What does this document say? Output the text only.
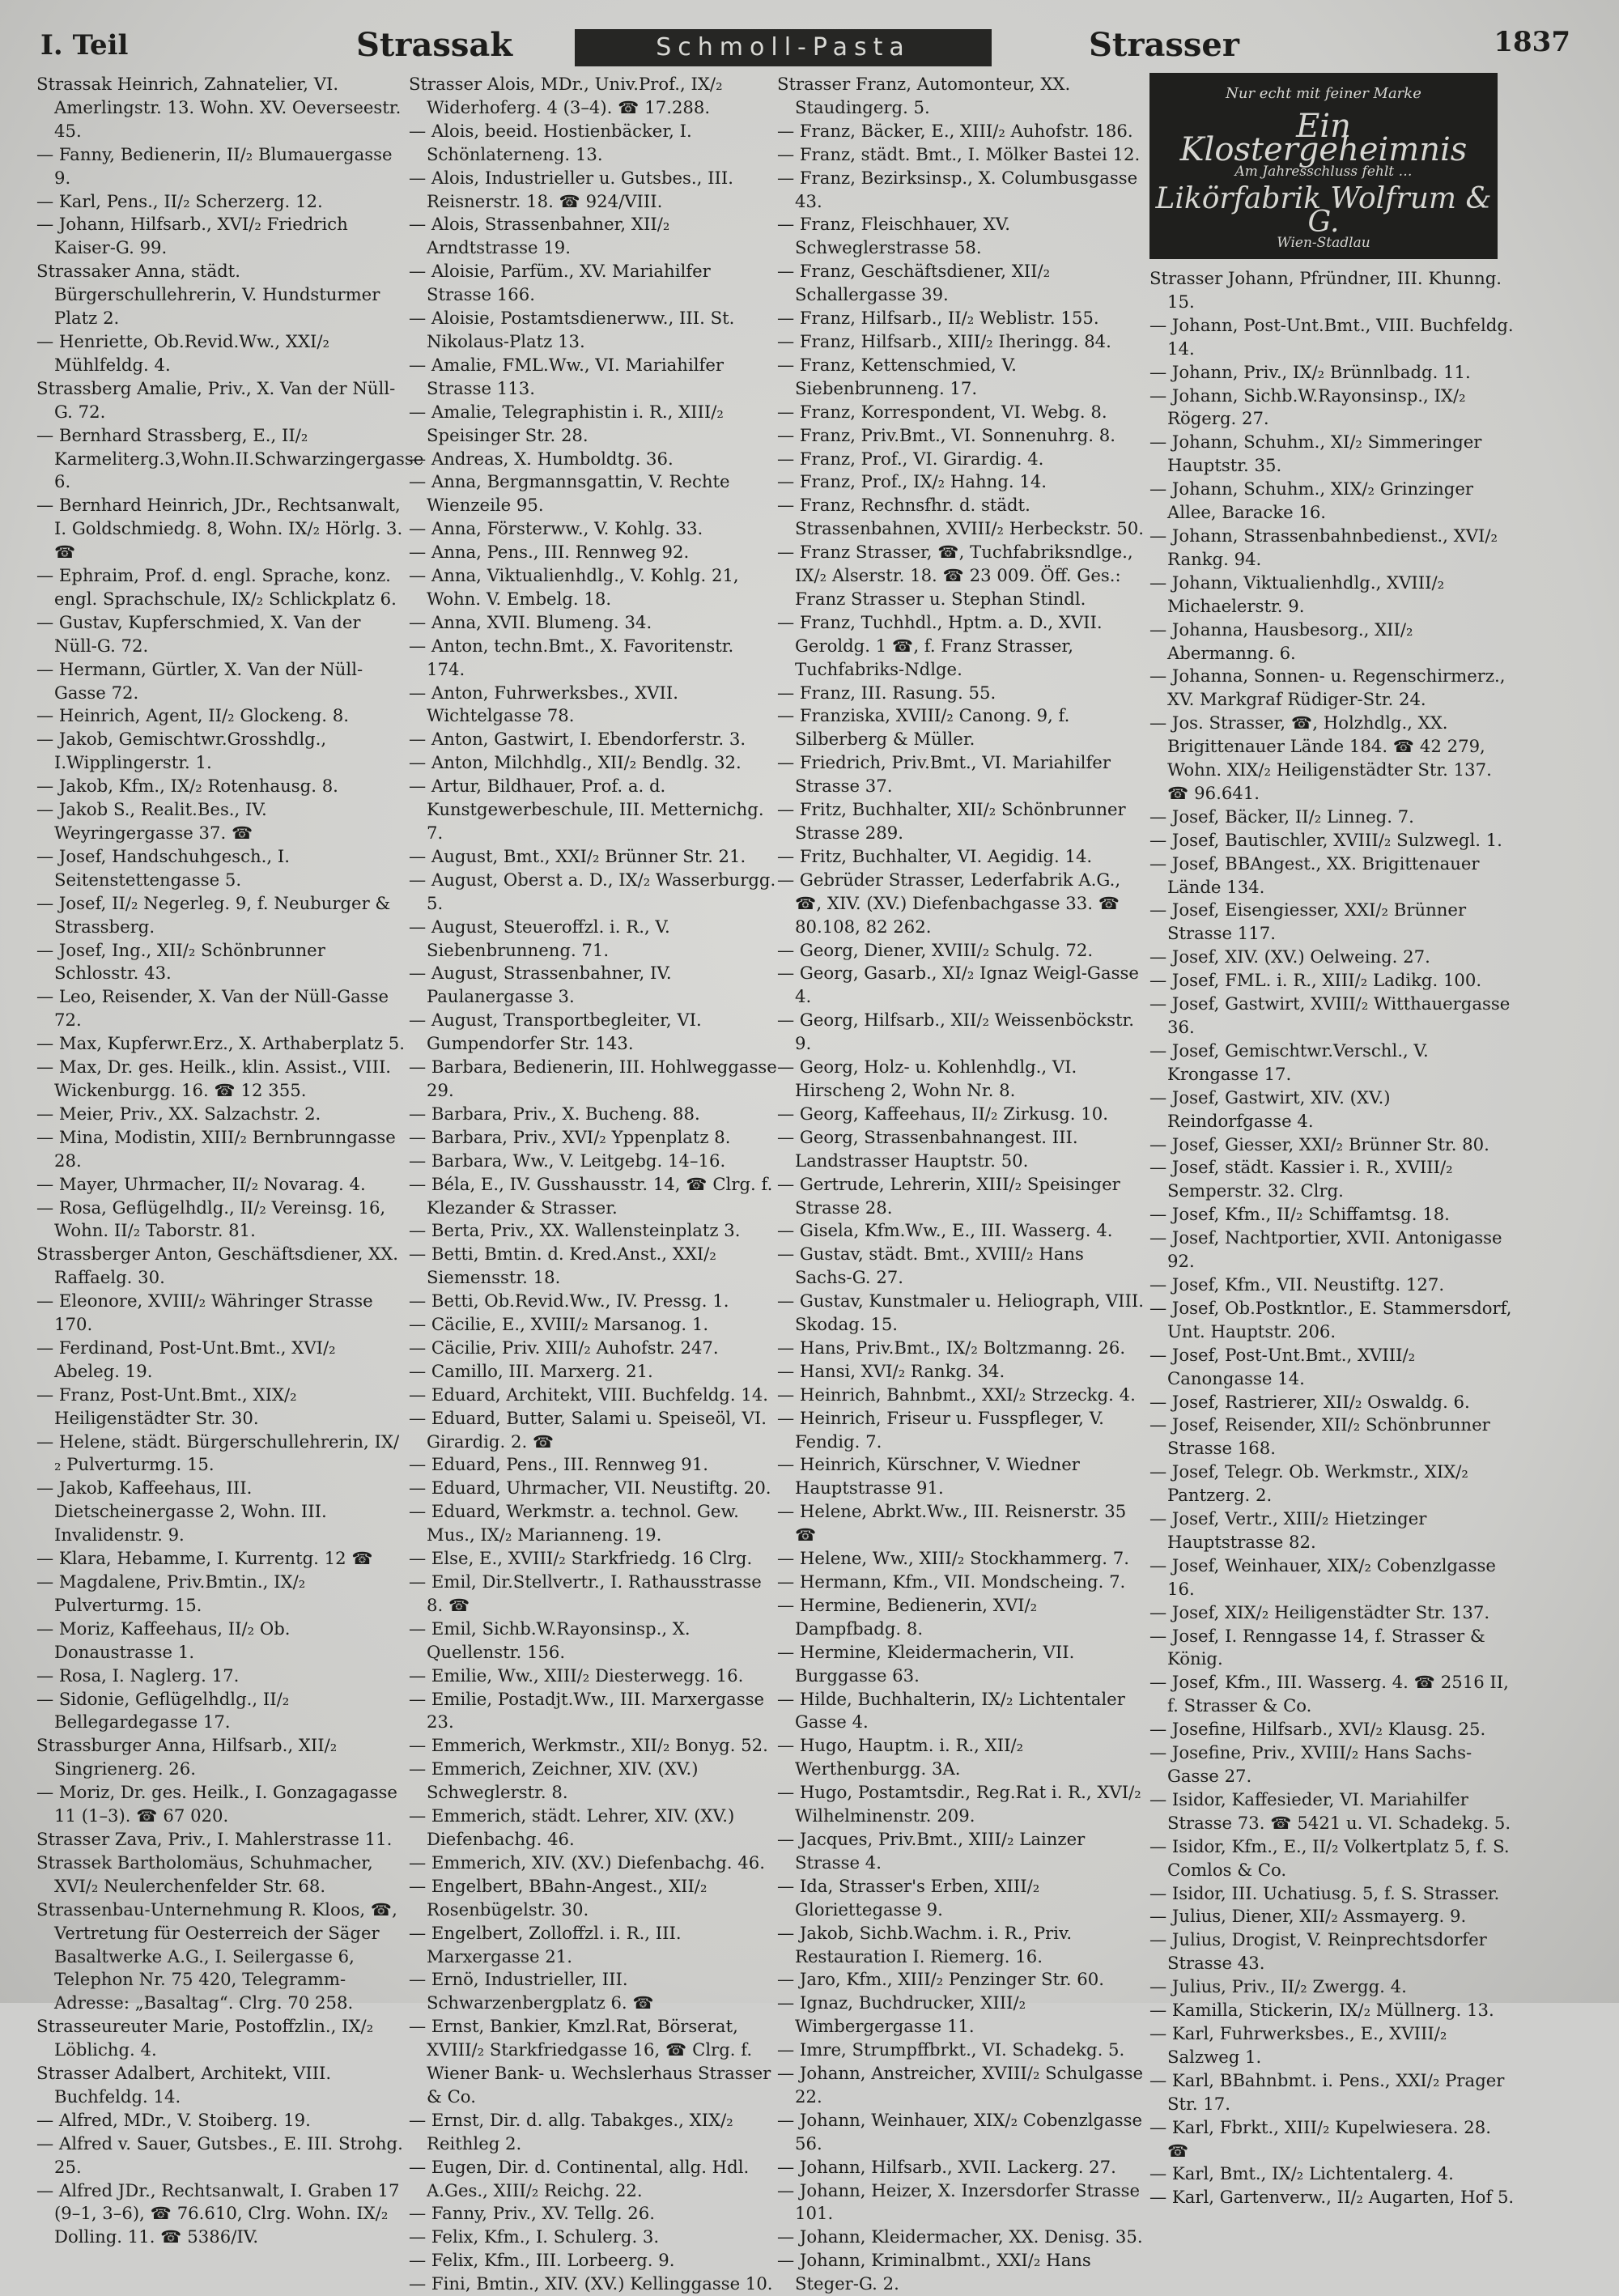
I. Teil	Strassak	Schmoll-Pasta	Strasser	1837
Strassak Heinrich, Zahnatelier, VI. Amerlingstr. 13. Wohn. XV. Oeverseestr. 45.
— Fanny, Bedienerin, II/₂ Blumauergasse 9.
— Karl, Pens., II/₂ Scherzerg. 12.
— Johann, Hilfsarb., XVI/₂ Friedrich Kaiser-G. 99.
Strassaker Anna, städt. Bürgerschullehrerin, V. Hundsturmer Platz 2.
— Henriette, Ob.Revid.Ww., XXI/₂ Mühlfeldg. 4.
Strassberg Amalie, Priv., X. Van der Nüll-G. 72.
— Bernhard Strassberg, E., II/₂ Karmeliterg.3,Wohn.II.Schwarzingergasse 6.
— Bernhard Heinrich, JDr., Rechtsanwalt, I. Goldschmiedg. 8, Wohn. IX/₂ Hörlg. 3. ☎
— Ephraim, Prof. d. engl. Sprache, konz. engl. Sprachschule, IX/₂ Schlickplatz 6.
— Gustav, Kupferschmied, X. Van der Nüll-G. 72.
— Hermann, Gürtler, X. Van der Nüll-Gasse 72.
— Heinrich, Agent, II/₂ Glockeng. 8.
— Jakob, Gemischtwr.Grosshdlg., I.Wipplingerstr. 1.
— Jakob, Kfm., IX/₂ Rotenhausg. 8.
— Jakob S., Realit.Bes., IV. Weyringergasse 37. ☎
— Josef, Handschuhgesch., I. Seitenstettengasse 5.
— Josef, II/₂ Negerleg. 9, f. Neuburger & Strassberg.
— Josef, Ing., XII/₂ Schönbrunner Schlosstr. 43.
— Leo, Reisender, X. Van der Nüll-Gasse 72.
— Max, Kupferwr.Erz., X. Arthaberplatz 5.
— Max, Dr. ges. Heilk., klin. Assist., VIII. Wickenburgg. 16. ☎ 12 355.
— Meier, Priv., XX. Salzachstr. 2.
— Mina, Modistin, XIII/₂ Bernbrunngasse 28.
— Mayer, Uhrmacher, II/₂ Novarag. 4.
— Rosa, Geflügelhdlg., II/₂ Vereinsg. 16, Wohn. II/₂ Taborstr. 81.
Strassberger Anton, Geschäftsdiener, XX. Raffaelg. 30.
— Eleonore, XVIII/₂ Währinger Strasse 170.
— Ferdinand, Post-Unt.Bmt., XVI/₂ Abeleg. 19.
— Franz, Post-Unt.Bmt., XIX/₂ Heiligenstädter Str. 30.
— Helene, städt. Bürgerschullehrerin, IX/₂ Pulverturmg. 15.
— Jakob, Kaffeehaus, III. Dietscheinergasse 2, Wohn. III. Invalidenstr. 9.
— Klara, Hebamme, I. Kurrentg. 12 ☎
— Magdalene, Priv.Bmtin., IX/₂ Pulverturmg. 15.
— Moriz, Kaffeehaus, II/₂ Ob. Donaustrasse 1.
— Rosa, I. Naglerg. 17.
— Sidonie, Geflügelhdlg., II/₂ Bellegardegasse 17.
Strassburger Anna, Hilfsarb., XII/₂ Singrienerg. 26.
— Moriz, Dr. ges. Heilk., I. Gonzagagasse 11 (1–3). ☎ 67 020.
Strasser Zava, Priv., I. Mahlerstrasse 11.
Strassek Bartholomäus, Schuhmacher, XVI/₂ Neulerchenfelder Str. 68.
Strassenbau-Unternehmung R. Kloos, ☎, Vertretung für Oesterreich der Säger Basaltwerke A.G., I. Seilergasse 6, Telephon Nr. 75 420, Telegramm-Adresse: „Basaltag“. Clrg. 70 258.
Strasseureuter Marie, Postoffzlin., IX/₂ Löblichg. 4.
Strasser Adalbert, Architekt, VIII. Buchfeldg. 14.
— Alfred, MDr., V. Stoiberg. 19.
— Alfred v. Sauer, Gutsbes., E. III. Strohg. 25.
— Alfred JDr., Rechtsanwalt, I. Graben 17 (9–1, 3–6), ☎ 76.610, Clrg. Wohn. IX/₂ Dolling. 11. ☎ 5386/IV.
Strasser Alois, MDr., Univ.Prof., IX/₂ Widerhoferg. 4 (3–4). ☎ 17.288.
— Alois, beeid. Hostienbäcker, I. Schönlaterneng. 13.
— Alois, Industrieller u. Gutsbes., III. Reisnerstr. 18. ☎ 924/VIII.
— Alois, Strassenbahner, XII/₂ Arndtstrasse 19.
— Aloisie, Parfüm., XV. Mariahilfer Strasse 166.
— Aloisie, Postamtsdienerww., III. St. Nikolaus-Platz 13.
— Amalie, FML.Ww., VI. Mariahilfer Strasse 113.
— Amalie, Telegraphistin i. R., XIII/₂ Speisinger Str. 28.
— Andreas, X. Humboldtg. 36.
— Anna, Bergmannsgattin, V. Rechte Wienzeile 95.
— Anna, Försterww., V. Kohlg. 33.
— Anna, Pens., III. Rennweg 92.
— Anna, Viktualienhdlg., V. Kohlg. 21, Wohn. V. Embelg. 18.
— Anna, XVII. Blumeng. 34.
— Anton, techn.Bmt., X. Favoritenstr. 174.
— Anton, Fuhrwerksbes., XVII. Wichtelgasse 78.
— Anton, Gastwirt, I. Ebendorferstr. 3.
— Anton, Milchhdlg., XII/₂ Bendlg. 32.
— Artur, Bildhauer, Prof. a. d. Kunstgewerbeschule, III. Metternichg. 7.
— August, Bmt., XXI/₂ Brünner Str. 21.
— August, Oberst a. D., IX/₂ Wasserburgg. 5.
— August, Steueroffzl. i. R., V. Siebenbrunneng. 71.
— August, Strassenbahner, IV. Paulanergasse 3.
— August, Transportbegleiter, VI. Gumpendorfer Str. 143.
— Barbara, Bedienerin, III. Hohlweggasse 29.
— Barbara, Priv., X. Bucheng. 88.
— Barbara, Priv., XVI/₂ Yppenplatz 8.
— Barbara, Ww., V. Leitgebg. 14–16.
— Béla, E., IV. Gusshausstr. 14, ☎ Clrg. f. Klezander & Strasser.
— Berta, Priv., XX. Wallensteinplatz 3.
— Betti, Bmtin. d. Kred.Anst., XXI/₂ Siemensstr. 18.
— Betti, Ob.Revid.Ww., IV. Pressg. 1.
— Cäcilie, E., XVIII/₂ Marsanog. 1.
— Cäcilie, Priv. XIII/₂ Auhofstr. 247.
— Camillo, III. Marxerg. 21.
— Eduard, Architekt, VIII. Buchfeldg. 14.
— Eduard, Butter, Salami u. Speiseöl, VI. Girardig. 2. ☎
— Eduard, Pens., III. Rennweg 91.
— Eduard, Uhrmacher, VII. Neustiftg. 20.
— Eduard, Werkmstr. a. technol. Gew. Mus., IX/₂ Marianneng. 19.
— Else, E., XVIII/₂ Starkfriedg. 16 Clrg.
— Emil, Dir.Stellvertr., I. Rathausstrasse 8. ☎
— Emil, Sichb.W.Rayonsinsp., X. Quellenstr. 156.
— Emilie, Ww., XIII/₂ Diesterwegg. 16.
— Emilie, Postadjt.Ww., III. Marxergasse 23.
— Emmerich, Werkmstr., XII/₂ Bonyg. 52.
— Emmerich, Zeichner, XIV. (XV.) Schweglerstr. 8.
— Emmerich, städt. Lehrer, XIV. (XV.) Diefenbachg. 46.
— Emmerich, XIV. (XV.) Diefenbachg. 46.
— Engelbert, BBahn-Angest., XII/₂ Rosenbügelstr. 30.
— Engelbert, Zolloffzl. i. R., III. Marxergasse 21.
— Ernö, Industrieller, III. Schwarzenbergplatz 6. ☎
— Ernst, Bankier, Kmzl.Rat, Börserat, XVIII/₂ Starkfriedgasse 16, ☎ Clrg. f. Wiener Bank- u. Wechslerhaus Strasser & Co.
— Ernst, Dir. d. allg. Tabakges., XIX/₂ Reithleg 2.
— Eugen, Dir. d. Continental, allg. Hdl. A.Ges., XIII/₂ Reichg. 22.
— Fanny, Priv., XV. Tellg. 26.
— Felix, Kfm., I. Schulerg. 3.
— Felix, Kfm., III. Lorbeerg. 9.
— Fini, Bmtin., XIV. (XV.) Kellinggasse 10.
Strasser Franz, Automonteur, XX. Staudingerg. 5.
— Franz, Bäcker, E., XIII/₂ Auhofstr. 186.
— Franz, städt. Bmt., I. Mölker Bastei 12.
— Franz, Bezirksinsp., X. Columbusgasse 43.
— Franz, Fleischhauer, XV. Schweglerstrasse 58.
— Franz, Geschäftsdiener, XII/₂ Schallergasse 39.
— Franz, Hilfsarb., II/₂ Weblistr. 155.
— Franz, Hilfsarb., XIII/₂ Iheringg. 84.
— Franz, Kettenschmied, V. Siebenbrunneng. 17.
— Franz, Korrespondent, VI. Webg. 8.
— Franz, Priv.Bmt., VI. Sonnenuhrg. 8.
— Franz, Prof., VI. Girardig. 4.
— Franz, Prof., IX/₂ Hahng. 14.
— Franz, Rechnsfhr. d. städt. Strassenbahnen, XVIII/₂ Herbeckstr. 50.
— Franz Strasser, ☎, Tuchfabriksndlge., IX/₂ Alserstr. 18. ☎ 23 009. Öff. Ges.: Franz Strasser u. Stephan Stindl.
— Franz, Tuchhdl., Hptm. a. D., XVII. Geroldg. 1 ☎, f. Franz Strasser, Tuchfabriks-Ndlge.
— Franz, III. Rasung. 55.
— Franziska, XVIII/₂ Canong. 9, f. Silberberg & Müller.
— Friedrich, Priv.Bmt., VI. Mariahilfer Strasse 37.
— Fritz, Buchhalter, XII/₂ Schönbrunner Strasse 289.
— Fritz, Buchhalter, VI. Aegidig. 14.
— Gebrüder Strasser, Lederfabrik A.G., ☎, XIV. (XV.) Diefenbachgasse 33. ☎ 80.108, 82 262.
— Georg, Diener, XVIII/₂ Schulg. 72.
— Georg, Gasarb., XI/₂ Ignaz Weigl-Gasse 4.
— Georg, Hilfsarb., XII/₂ Weissenböckstr. 9.
— Georg, Holz- u. Kohlenhdlg., VI. Hirscheng 2, Wohn Nr. 8.
— Georg, Kaffeehaus, II/₂ Zirkusg. 10.
— Georg, Strassenbahnangest. III. Landstrasser Hauptstr. 50.
— Gertrude, Lehrerin, XIII/₂ Speisinger Strasse 28.
— Gisela, Kfm.Ww., E., III. Wasserg. 4.
— Gustav, städt. Bmt., XVIII/₂ Hans Sachs-G. 27.
— Gustav, Kunstmaler u. Heliograph, VIII. Skodag. 15.
— Hans, Priv.Bmt., IX/₂ Boltzmanng. 26.
— Hansi, XVI/₂ Rankg. 34.
— Heinrich, Bahnbmt., XXI/₂ Strzeckg. 4.
— Heinrich, Friseur u. Fusspfleger, V. Fendig. 7.
— Heinrich, Kürschner, V. Wiedner Hauptstrasse 91.
— Helene, Abrkt.Ww., III. Reisnerstr. 35 ☎
— Helene, Ww., XIII/₂ Stockhammerg. 7.
— Hermann, Kfm., VII. Mondscheing. 7.
— Hermine, Bedienerin, XVI/₂ Dampfbadg. 8.
— Hermine, Kleidermacherin, VII. Burggasse 63.
— Hilde, Buchhalterin, IX/₂ Lichtentaler Gasse 4.
— Hugo, Hauptm. i. R., XII/₂ Werthenburgg. 3A.
— Hugo, Postamtsdir., Reg.Rat i. R., XVI/₂ Wilhelminenstr. 209.
— Jacques, Priv.Bmt., XIII/₂ Lainzer Strasse 4.
— Ida, Strasser's Erben, XIII/₂ Gloriettegasse 9.
— Jakob, Sichb.Wachm. i. R., Priv. Restauration I. Riemerg. 16.
— Jaro, Kfm., XIII/₂ Penzinger Str. 60.
— Ignaz, Buchdrucker, XIII/₂ Wimbergergasse 11.
— Imre, Strumpffbrkt., VI. Schadekg. 5.
— Johann, Anstreicher, XVIII/₂ Schulgasse 22.
— Johann, Weinhauer, XIX/₂ Cobenzlgasse 56.
— Johann, Hilfsarb., XVII. Lackerg. 27.
— Johann, Heizer, X. Inzersdorfer Strasse 101.
— Johann, Kleidermacher, XX. Denisg. 35.
— Johann, Kriminalbmt., XXI/₂ Hans Steger-G. 2.
Nur echt mit feiner Marke
Ein Klostergeheimnis
Am Jahresschluss fehlt …
Likörfabrik Wolfrum & G.
Wien-Stadlau
Strasser Johann, Pfründner, III. Khunng. 15.
— Johann, Post-Unt.Bmt., VIII. Buchfeldg. 14.
— Johann, Priv., IX/₂ Brünnlbadg. 11.
— Johann, Sichb.W.Rayonsinsp., IX/₂ Rögerg. 27.
— Johann, Schuhm., XI/₂ Simmeringer Hauptstr. 35.
— Johann, Schuhm., XIX/₂ Grinzinger Allee, Baracke 16.
— Johann, Strassenbahnbedienst., XVI/₂ Rankg. 94.
— Johann, Viktualienhdlg., XVIII/₂ Michaelerstr. 9.
— Johanna, Hausbesorg., XII/₂ Abermanng. 6.
— Johanna, Sonnen- u. Regenschirmerz., XV. Markgraf Rüdiger-Str. 24.
— Jos. Strasser, ☎, Holzhdlg., XX. Brigittenauer Lände 184. ☎ 42 279, Wohn. XIX/₂ Heiligenstädter Str. 137. ☎ 96.641.
— Josef, Bäcker, II/₂ Linneg. 7.
— Josef, Bautischler, XVIII/₂ Sulzwegl. 1.
— Josef, BBAngest., XX. Brigittenauer Lände 134.
— Josef, Eisengiesser, XXI/₂ Brünner Strasse 117.
— Josef, XIV. (XV.) Oelweing. 27.
— Josef, FML. i. R., XIII/₂ Ladikg. 100.
— Josef, Gastwirt, XVIII/₂ Witthauergasse 36.
— Josef, Gemischtwr.Verschl., V. Krongasse 17.
— Josef, Gastwirt, XIV. (XV.) Reindorfgasse 4.
— Josef, Giesser, XXI/₂ Brünner Str. 80.
— Josef, städt. Kassier i. R., XVIII/₂ Semperstr. 32. Clrg.
— Josef, Kfm., II/₂ Schiffamtsg. 18.
— Josef, Nachtportier, XVII. Antonigasse 92.
— Josef, Kfm., VII. Neustiftg. 127.
— Josef, Ob.Postkntlor., E. Stammersdorf, Unt. Hauptstr. 206.
— Josef, Post-Unt.Bmt., XVIII/₂ Canongasse 14.
— Josef, Rastrierer, XII/₂ Oswaldg. 6.
— Josef, Reisender, XII/₂ Schönbrunner Strasse 168.
— Josef, Telegr. Ob. Werkmstr., XIX/₂ Pantzerg. 2.
— Josef, Vertr., XIII/₂ Hietzinger Hauptstrasse 82.
— Josef, Weinhauer, XIX/₂ Cobenzlgasse 16.
— Josef, XIX/₂ Heiligenstädter Str. 137.
— Josef, I. Renngasse 14, f. Strasser & König.
— Josef, Kfm., III. Wasserg. 4. ☎ 2516 II, f. Strasser & Co.
— Josefine, Hilfsarb., XVI/₂ Klausg. 25.
— Josefine, Priv., XVIII/₂ Hans Sachs-Gasse 27.
— Isidor, Kaffesieder, VI. Mariahilfer Strasse 73. ☎ 5421 u. VI. Schadekg. 5.
— Isidor, Kfm., E., II/₂ Volkertplatz 5, f. S. Comlos & Co.
— Isidor, III. Uchatiusg. 5, f. S. Strasser.
— Julius, Diener, XII/₂ Assmayerg. 9.
— Julius, Drogist, V. Reinprechtsdorfer Strasse 43.
— Julius, Priv., II/₂ Zwergg. 4.
— Kamilla, Stickerin, IX/₂ Müllnerg. 13.
— Karl, Fuhrwerksbes., E., XVIII/₂ Salzweg 1.
— Karl, BBahnbmt. i. Pens., XXI/₂ Prager Str. 17.
— Karl, Fbrkt., XIII/₂ Kupelwiesera. 28. ☎
— Karl, Bmt., IX/₂ Lichtentalerg. 4.
— Karl, Gartenverw., II/₂ Augarten, Hof 5.
